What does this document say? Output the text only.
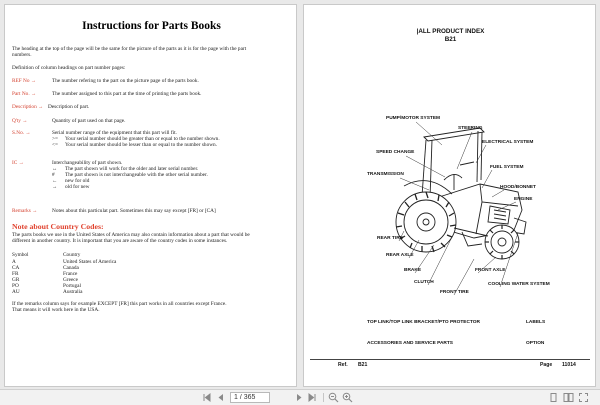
Instructions for Parts Books
The heading at the top of the page will be the same for the picture of the parts as it is for the page with the part
numbers.
Definition of column headings on part number pages:
REF No →	The number refering to the part on the picture page of the parts book.
Part No. →	The number assigned to this part at the time of printing the parts book.
Description → Description of part.
Q'ty →	Quantity of part used on that page.
S.No. →	Serial number range of the equipment that this part will fit.
>=	Your serial number should be greater than or equal to the number shown.
<=	Your serial number should be lesser than or equal to the number shown.
IC →	Interchangeability of part shown.
↔	The part shown will work for the older and later serial number.
#	The part shown is not interchangeable with the other serial number.
←	new for old
→	old for new
Remarks →	Notes about this particulat part. Sometimes this may say except [FR] or [CA]
Note about Country Codes:
The parts books we use in the United States of America may also contain information about a part that would be
different in another country. It is important that you are aware of the country codes in some instances.
Symbol	Country
A	United States of America
CA	Canada
FR	France
GR	Greece
PO	Portugal
AU	Australia
If the remarks column says for example EXCEPT [FR] this part works in all countries except France.
That means it will work here in the USA.
|ALL PRODUCT INDEX
B21
PUMP/MOTOR SYSTEM
STEERING
ELECTRICAL SYSTEM
SPEED CHANGE
FUEL SYSTEM
TRANSMISSION
HOOD/BONNET
ENGINE
REAR TIRE
REAR AXLE
BRAKE
CLUTCH
FRONT AXLE
FRONT TIRE
COOLING WATER SYSTEM
TOP LINK/TOP LINK BRACKET/PTO PROTECTOR	LABELS
ACCESSORIES AND SERVICE PARTS	OPTION
Ref. B21	Page 11014
1 / 365
